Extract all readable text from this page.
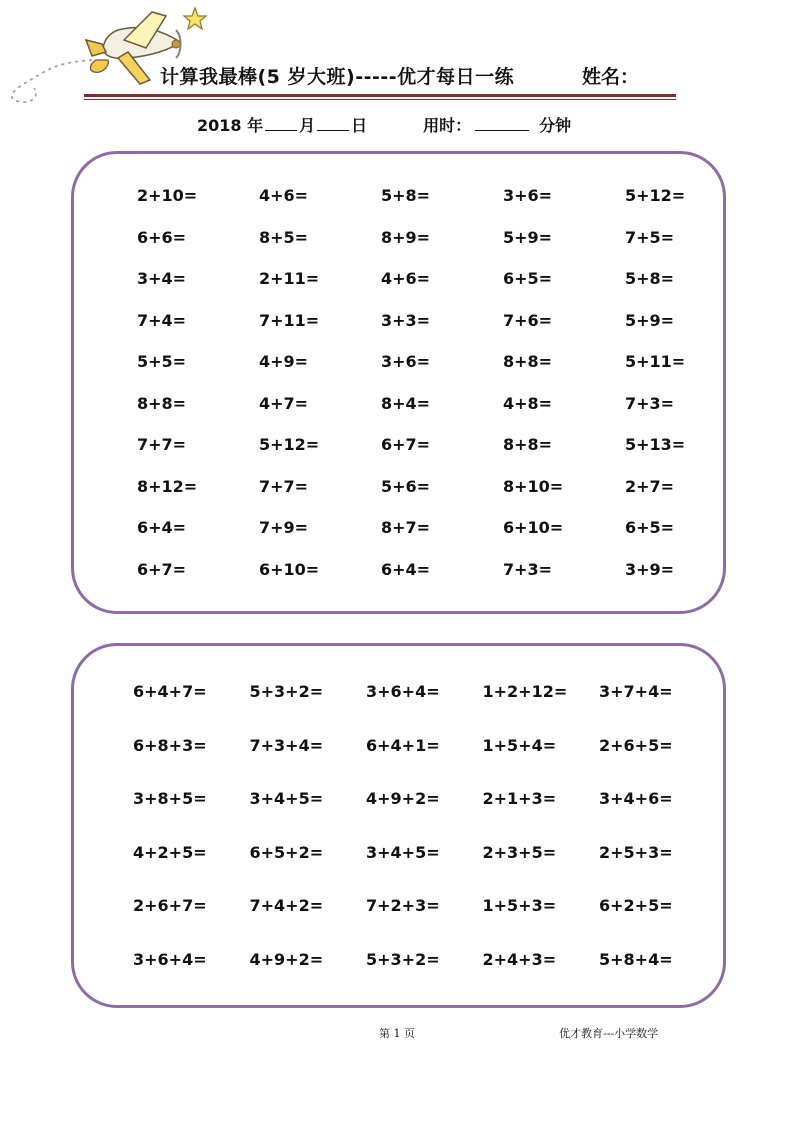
计算我最棒(5 岁大班)-----优才每日一练	姓名：
2018 年 月 日	用时：	分钟
2+10=	4+6=	5+8=	3+6=	5+12=
6+6=	8+5=	8+9=	5+9=	7+5=
3+4=	2+11=	4+6=	6+5=	5+8=
7+4=	7+11=	3+3=	7+6=	5+9=
5+5=	4+9=	3+6=	8+8=	5+11=
8+8=	4+7=	8+4=	4+8=	7+3=
7+7=	5+12=	6+7=	8+8=	5+13=
8+12=	7+7=	5+6=	8+10=	2+7=
6+4=	7+9=	8+7=	6+10=	6+5=
6+7=	6+10=	6+4=	7+3=	3+9=
6+4+7=	5+3+2=	3+6+4=	1+2+12=	3+7+4=
6+8+3=	7+3+4=	6+4+1=	1+5+4=	2+6+5=
3+8+5=	3+4+5=	4+9+2=	2+1+3=	3+4+6=
4+2+5=	6+5+2=	3+4+5=	2+3+5=	2+5+3=
2+6+7=	7+4+2=	7+2+3=	1+5+3=	6+2+5=
3+6+4=	4+9+2=	5+3+2=	2+4+3=	5+8+4=
第 1 页	优才教育---小学数学
